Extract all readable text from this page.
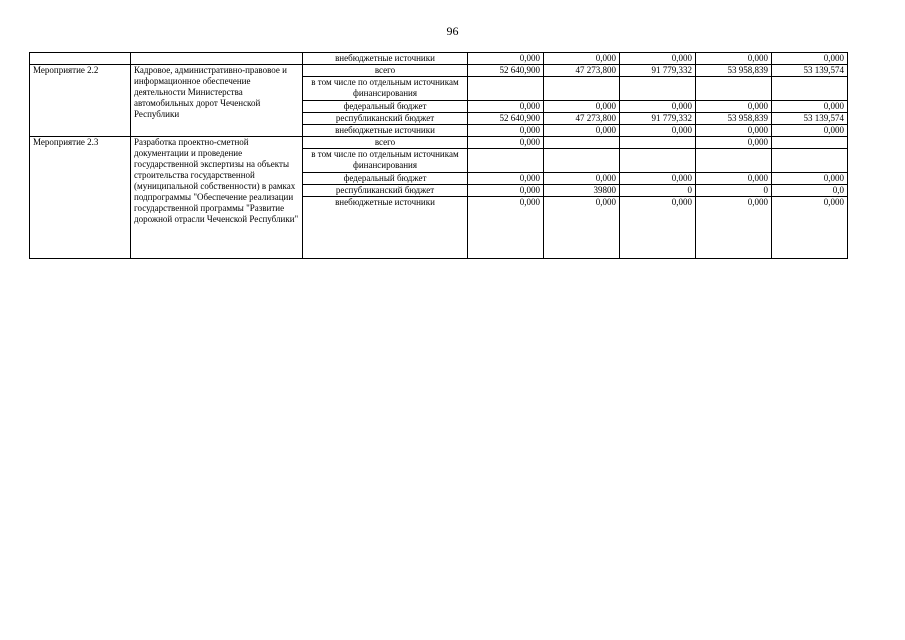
96
		внебюджетные источники	0,000	0,000	0,000	0,000	0,000
Мероприятие 2.2	Кадровое, административно-правовое и информационное обеспечение деятельности Министерства автомобильных дорот Чеченской Республики	всего	52 640,900	47 273,800	91 779,332	53 958,839	53 139,574
		в том числе по отдельным источникам финансирования					
		федеральный бюджет	0,000	0,000	0,000	0,000	0,000
		республиканский бюджет	52 640,900	47 273,800	91 779,332	53 958,839	53 139,574
		внебюджетные источники	0,000	0,000	0,000	0,000	0,000
Мероприятие 2.3	Разработка проектно-сметной документации и проведение государственной экспертизы на объекты строительства государственной (муниципальной собственности) в рамках подпрограммы "Обеспечение реализации государственной программы "Развитие дорожной отрасли Чеченской Республики"	всего	0,000			0,000	
		в том числе по отдельным источникам финансирования					
		федеральный бюджет	0,000	0,000	0,000	0,000	0,000
		республиканский бюджет	0,000	39800	0	0	0,0
		внебюджетные источники	0,000	0,000	0,000	0,000	0,000
